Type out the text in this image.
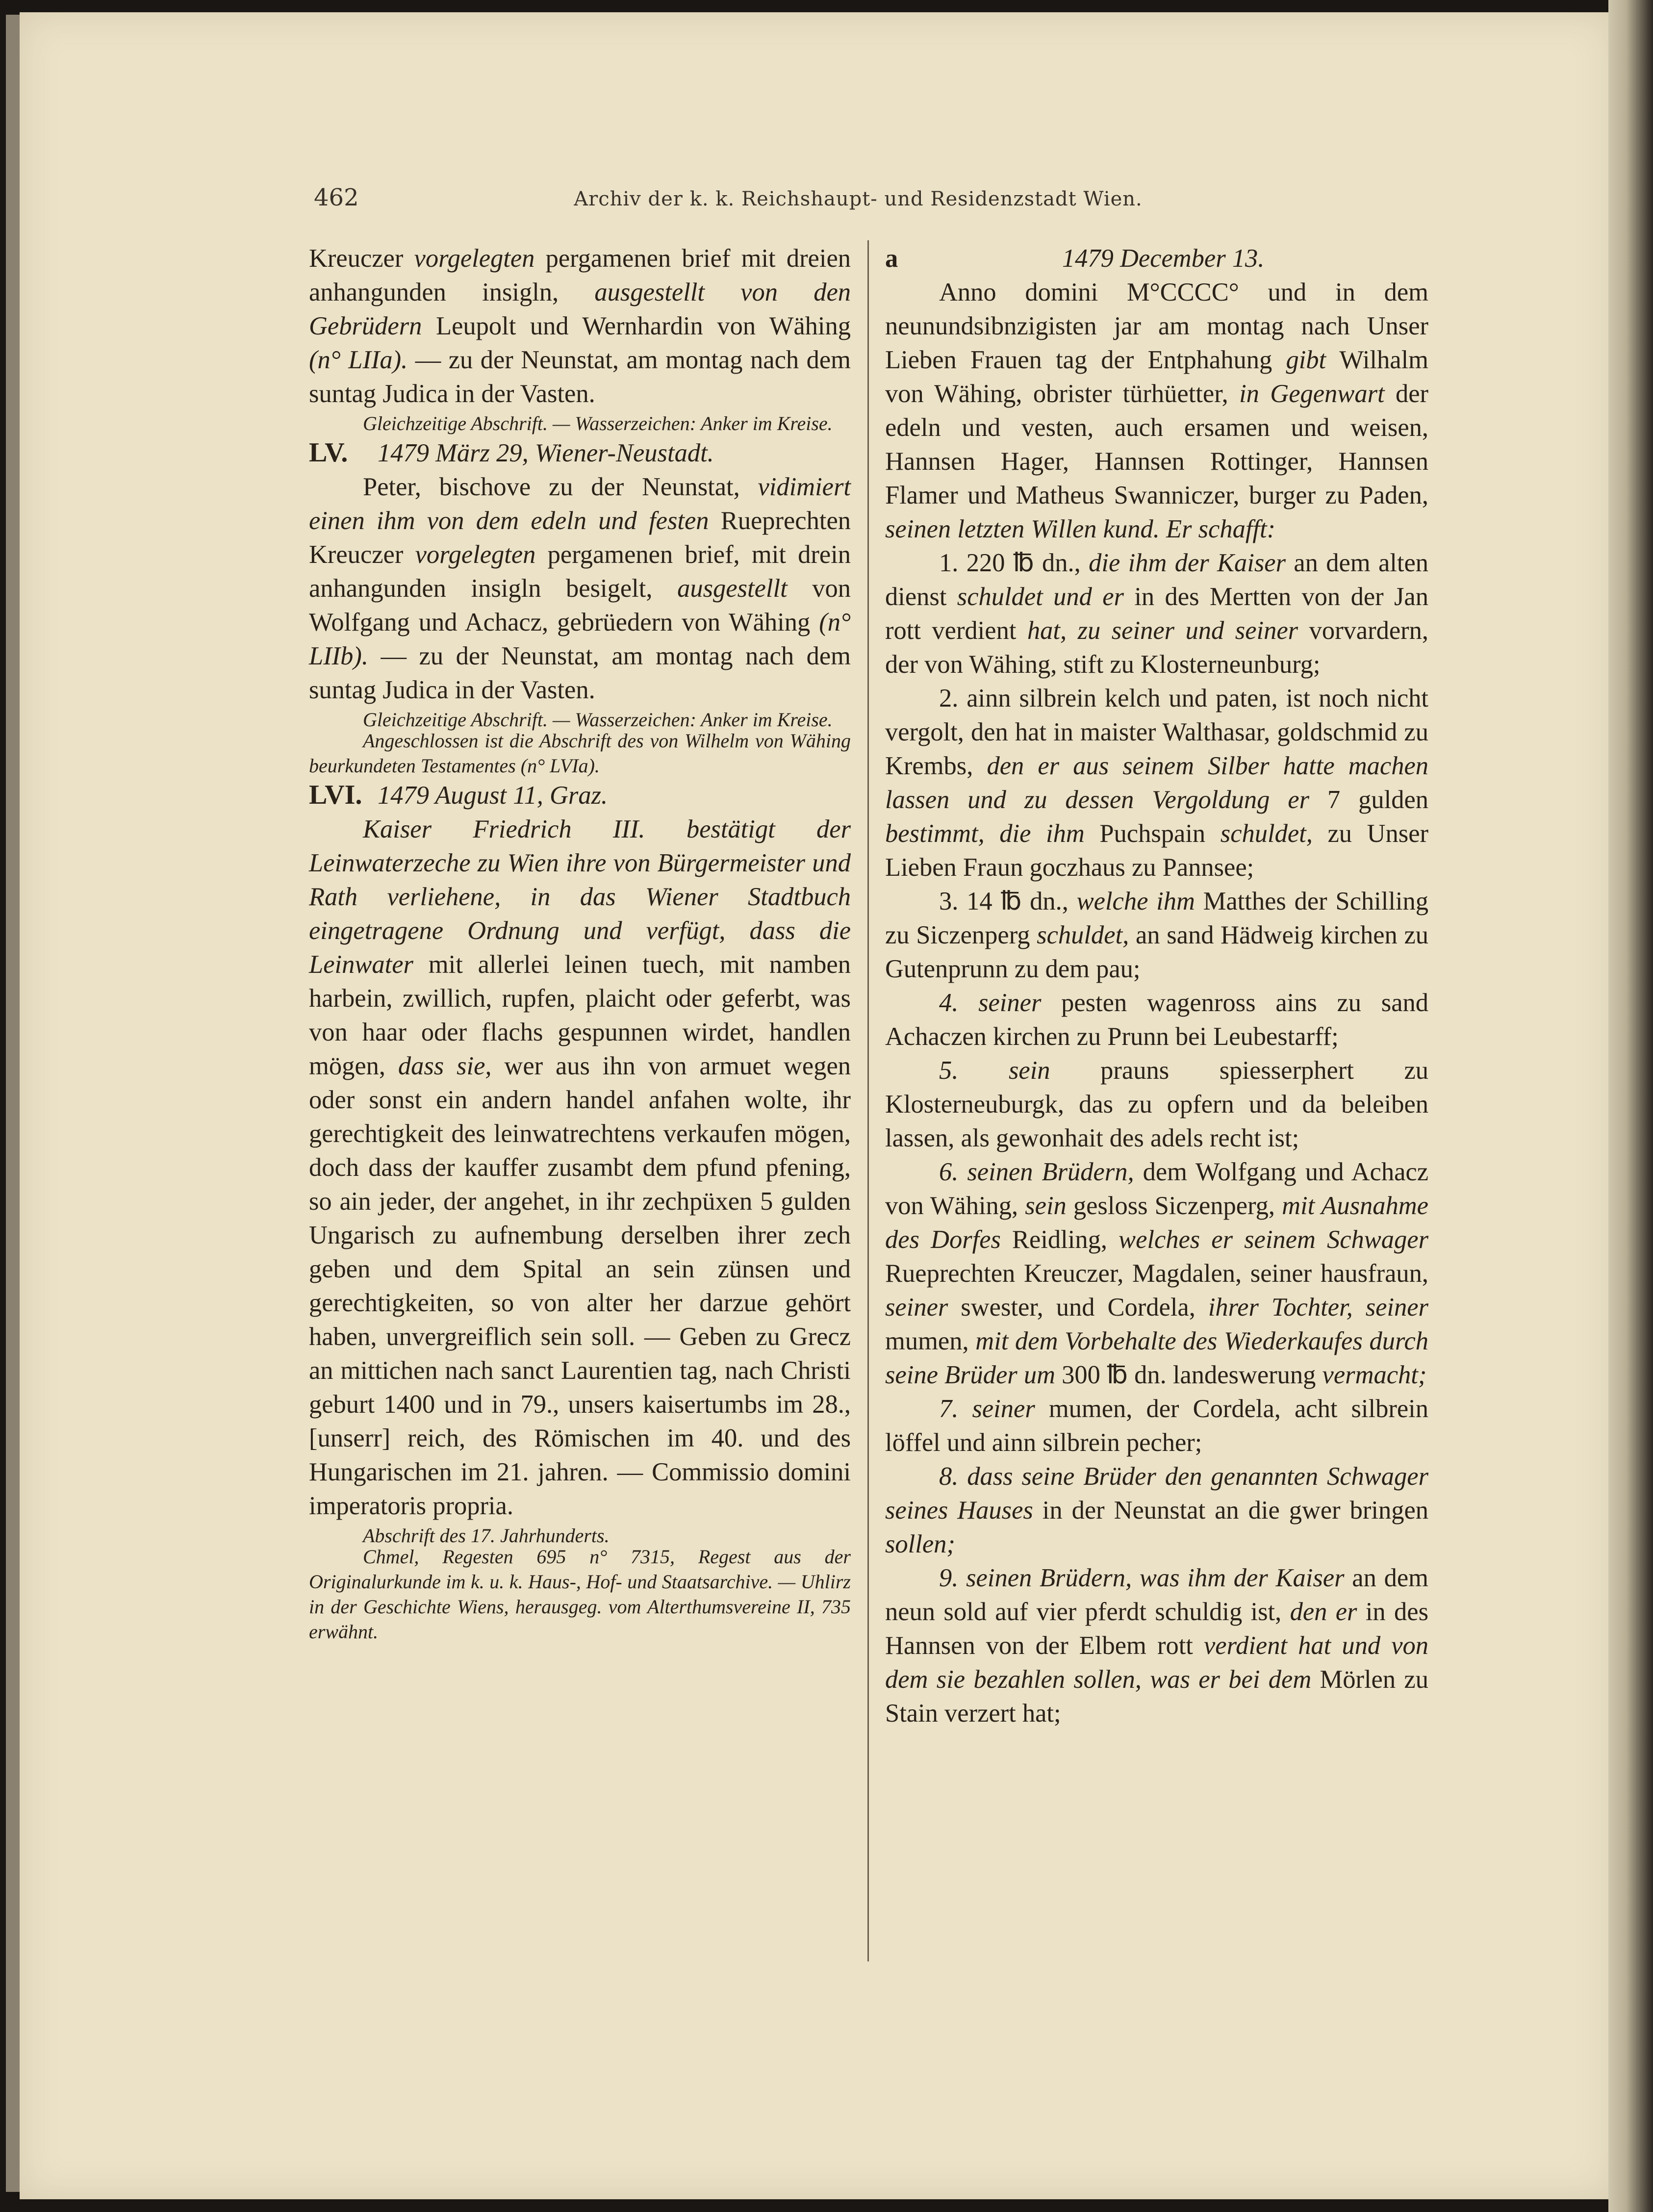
462	Archiv der k. k. Reichshaupt- und Residenzstadt Wien.

Kreuczer vorgelegten pergamenen brief mit dreien anhangunden insigln, ausgestellt von den Gebrüdern Leupolt und Wernhardin von Wähing (n° LIIa). — zu der Neunstat, am montag nach dem suntag Judica in der Vasten.

Gleichzeitige Abschrift. — Wasserzeichen: Anker im Kreise.

LV. 1479 März 29, Wiener-Neustadt.

Peter, bischove zu der Neunstat, vidimiert einen ihm von dem edeln und festen Rueprechten Kreuczer vorgelegten pergamenen brief, mit drein anhangunden insigln besigelt, ausgestellt von Wolfgang und Achacz, gebrüedern von Wähing (n° LIIb). — zu der Neunstat, am montag nach dem suntag Judica in der Vasten.

Gleichzeitige Abschrift. — Wasserzeichen: Anker im Kreise.

Angeschlossen ist die Abschrift des von Wilhelm von Wähing beurkundeten Testamentes (n° LVIa).

LVI. 1479 August 11, Graz.

Kaiser Friedrich III. bestätigt der Leinwaterzeche zu Wien ihre von Bürgermeister und Rath verliehene, in das Wiener Stadtbuch eingetragene Ordnung und verfügt, dass die Leinwater mit allerlei leinen tuech, mit namben harbein, zwillich, rupfen, plaicht oder geferbt, was von haar oder flachs gespunnen wirdet, handlen mögen, dass sie, wer aus ihn von armuet wegen oder sonst ein andern handel anfahen wolte, ihr gerechtigkeit des leinwatrechtens verkaufen mögen, doch dass der kauffer zusambt dem pfund pfening, so ain jeder, der angehet, in ihr zechpüxen 5 gulden Ungarisch zu aufnembung derselben ihrer zech geben und dem Spital an sein zünsen und gerechtigkeiten, so von alter her darzue gehört haben, unvergreiflich sein soll. — Geben zu Grecz an mittichen nach sanct Laurentien tag, nach Christi geburt 1400 und in 79., unsers kaisertumbs im 28., [unserr] reich, des Römischen im 40. und des Hungarischen im 21. jahren. — Commissio domini imperatoris propria.

Abschrift des 17. Jahrhunderts.

Chmel, Regesten 695 n° 7315, Regest aus der Originalurkunde im k. u. k. Haus-, Hof- und Staatsarchive. — Uhlirz in der Geschichte Wiens, herausgeg. vom Alterthumsvereine II, 735 erwähnt.

a	1479 December 13.

Anno domini M°CCCC° und in dem neunundsibnzigisten jar am montag nach Unser Lieben Frauen tag der Entphahung gibt Wilhalm von Wähing, obrister türhüetter, in Gegenwart der edeln und vesten, auch ersamen und weisen, Hannsen Hager, Hannsen Rottinger, Hannsen Flamer und Matheus Swanniczer, burger zu Paden, seinen letzten Willen kund. Er schafft:

1. 220 ℔ dn., die ihm der Kaiser an dem alten dienst schuldet und er in des Mertten von der Jan rott verdient hat, zu seiner und seiner vorvardern, der von Wähing, stift zu Klosterneunburg;

2. ainn silbrein kelch und paten, ist noch nicht vergolt, den hat in maister Walthasar, goldschmid zu Krembs, den er aus seinem Silber hatte machen lassen und zu dessen Vergoldung er 7 gulden bestimmt, die ihm Puchspain schuldet, zu Unser Lieben Fraun goczhaus zu Pannsee;

3. 14 ℔ dn., welche ihm Matthes der Schilling zu Siczenperg schuldet, an sand Hädweig kirchen zu Gutenprunn zu dem pau;

4. seiner pesten wagenross ains zu sand Achaczen kirchen zu Prunn bei Leubestarff;

5. sein prauns spiesserphert zu Klosterneuburgk, das zu opfern und da beleiben lassen, als gewonhait des adels recht ist;

6. seinen Brüdern, dem Wolfgang und Achacz von Wähing, sein gesloss Siczenperg, mit Ausnahme des Dorfes Reidling, welches er seinem Schwager Rueprechten Kreuczer, Magdalen, seiner hausfraun, seiner swester, und Cordela, ihrer Tochter, seiner mumen, mit dem Vorbehalte des Wiederkaufes durch seine Brüder um 300 ℔ dn. landeswerung vermacht;

7. seiner mumen, der Cordela, acht silbrein löffel und ainn silbrein pecher;

8. dass seine Brüder den genannten Schwager seines Hauses in der Neunstat an die gwer bringen sollen;

9. seinen Brüdern, was ihm der Kaiser an dem neun sold auf vier pferdt schuldig ist, den er in des Hannsen von der Elbem rott verdient hat und von dem sie bezahlen sollen, was er bei dem Mörlen zu Stain verzert hat;
